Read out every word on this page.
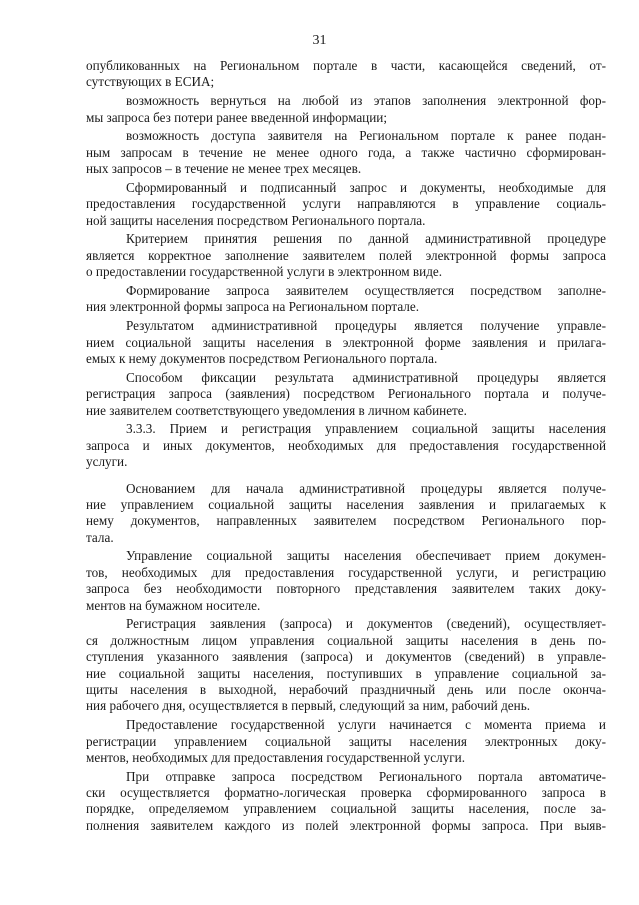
31
опубликованных на Региональном портале в части, касающейся сведений, от-
сутствующих в ЕСИА;
возможность вернуться на любой из этапов заполнения электронной фор-
мы запроса без потери ранее введенной информации;
возможность доступа заявителя на Региональном портале к ранее подан-
ным запросам в течение не менее одного года, а также частично сформирован-
ных запросов – в течение не менее трех месяцев.
Сформированный и подписанный запрос и документы, необходимые для
предоставления государственной услуги направляются в управление социаль-
ной защиты населения посредством Регионального портала.
Критерием принятия решения по данной административной процедуре
является корректное заполнение заявителем полей электронной формы запроса
о предоставлении государственной услуги в электронном виде.
Формирование запроса заявителем осуществляется посредством заполне-
ния электронной формы запроса на Региональном портале.
Результатом административной процедуры является получение управле-
нием социальной защиты населения в электронной форме заявления и прилага-
емых к нему документов посредством Регионального портала.
Способом фиксации результата административной процедуры является
регистрация запроса (заявления) посредством Регионального портала и получе-
ние заявителем соответствующего уведомления в личном кабинете.
3.3.3. Прием и регистрация управлением социальной защиты населения
запроса и иных документов, необходимых для предоставления государственной
услуги.
Основанием для начала административной процедуры является получе-
ние управлением социальной защиты населения заявления и прилагаемых к
нему документов, направленных заявителем посредством Регионального пор-
тала.
Управление социальной защиты населения обеспечивает прием докумен-
тов, необходимых для предоставления государственной услуги, и регистрацию
запроса без необходимости повторного представления заявителем таких доку-
ментов на бумажном носителе.
Регистрация заявления (запроса) и документов (сведений), осуществляет-
ся должностным лицом управления социальной защиты населения в день по-
ступления указанного заявления (запроса) и документов (сведений) в управле-
ние социальной защиты населения, поступивших в управление социальной за-
щиты населения в выходной, нерабочий праздничный день или после оконча-
ния рабочего дня, осуществляется в первый, следующий за ним, рабочий день.
Предоставление государственной услуги начинается с момента приема и
регистрации управлением социальной защиты населения электронных доку-
ментов, необходимых для предоставления государственной услуги.
При отправке запроса посредством Регионального портала автоматиче-
ски осуществляется форматно-логическая проверка сформированного запроса в
порядке, определяемом управлением социальной защиты населения, после за-
полнения заявителем каждого из полей электронной формы запроса. При выяв-
